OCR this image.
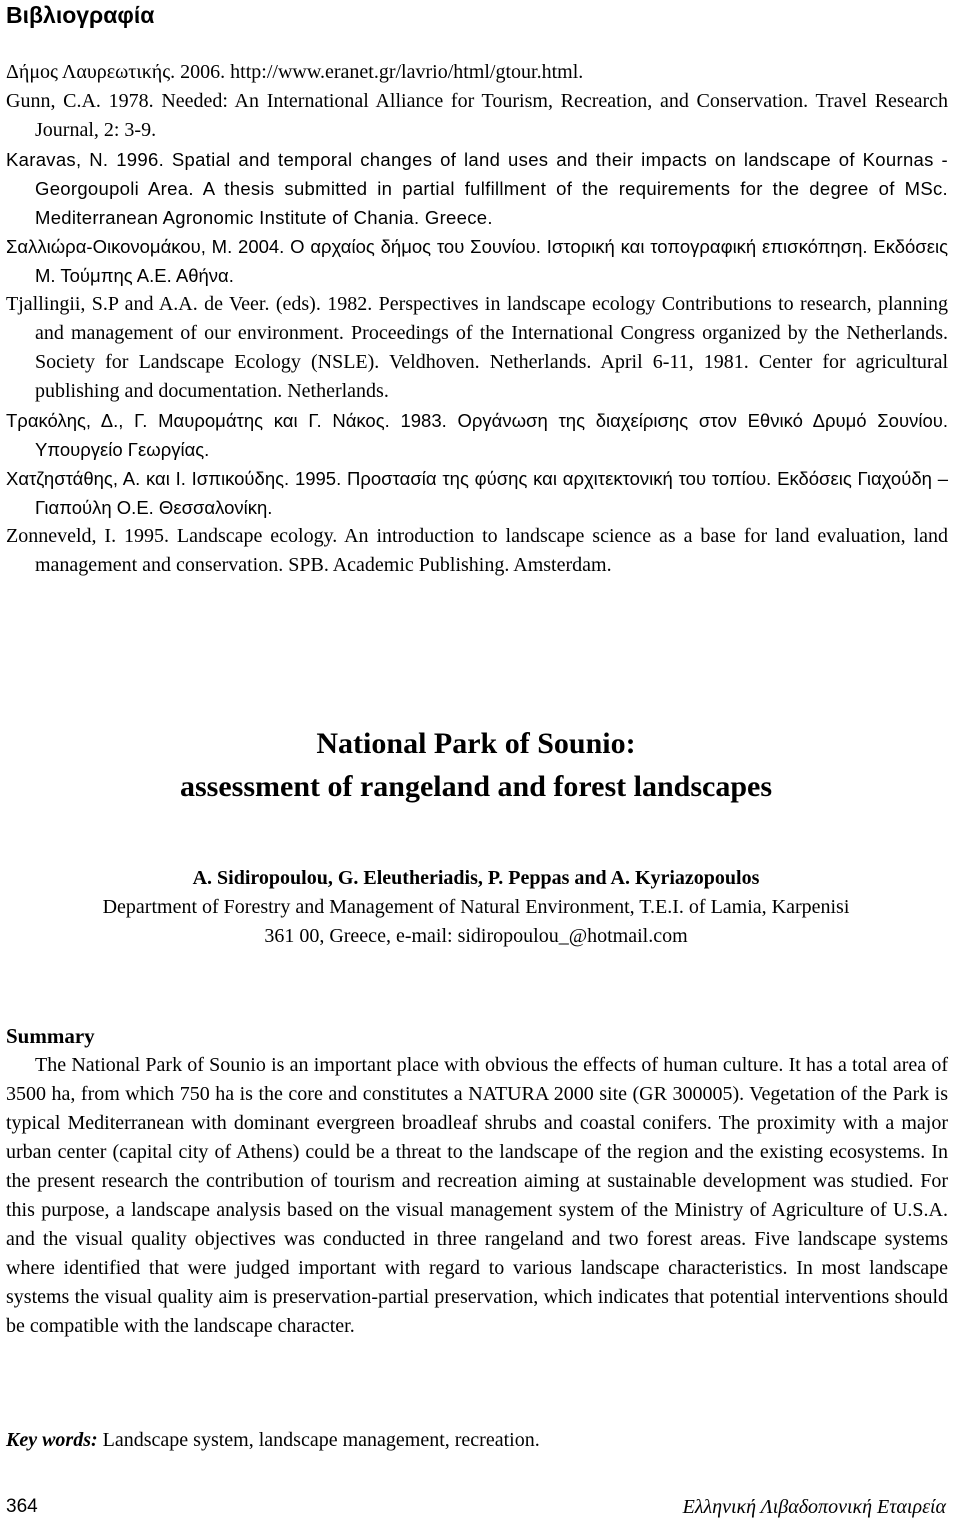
Βιβλιογραφία
Δήμος Λαυρεωτικής. 2006. http://www.eranet.gr/lavrio/html/gtour.html.
Gunn, C.A. 1978. Needed: An International Alliance for Tourism, Recreation, and Conservation. Travel Research Journal, 2: 3-9.
Karavas, N. 1996. Spatial and temporal changes of land uses and their impacts on landscape of Kournas - Georgoupoli Area. A thesis submitted in partial fulfillment of the requirements for the degree of MSc. Mediterranean Agronomic Institute of Chania. Greece.
Σαλλιώρα-Οικονομάκου, Μ. 2004. Ο αρχαίος δήμος του Σουνίου. Ιστορική και τοπογραφική επισκόπηση. Εκδόσεις Μ. Τούμπης Α.Ε. Αθήνα.
Tjallingii, S.P and A.A. de Veer. (eds). 1982. Perspectives in landscape ecology Contributions to research, planning and management of our environment. Proceedings of the International Congress organized by the Netherlands. Society for Landscape Ecology (NSLE). Veldhoven. Netherlands. April 6-11, 1981. Center for agricultural publishing and documentation. Netherlands.
Τρακόλης, Δ., Γ. Μαυρομάτης και Γ. Νάκος. 1983. Οργάνωση της διαχείρισης στον Εθνικό Δρυμό Σουνίου. Υπουργείο Γεωργίας.
Χατζηστάθης, Α. και Ι. Ισπικούδης. 1995. Προστασία της φύσης και αρχιτεκτονική του τοπίου. Εκδόσεις Γιαχούδη – Γιαπούλη Ο.Ε. Θεσσαλονίκη.
Zonneveld, I. 1995. Landscape ecology. An introduction to landscape science as a base for land evaluation, land management and conservation. SPB. Academic Publishing. Amsterdam.
National Park of Sounio:
assessment of rangeland and forest landscapes

A. Sidiropoulou, G. Eleutheriadis, P. Peppas and A. Kyriazopoulos

Department of Forestry and Management of Natural Environment, T.E.I. of Lamia, Karpenisi
361 00, Greece, e-mail: sidiropoulou_@hotmail.com

Summary

The National Park of Sounio is an important place with obvious the effects of human culture. It has a total area of 3500 ha, from which 750 ha is the core and constitutes a NATURA 2000 site (GR 300005). Vegetation of the Park is typical Mediterranean with dominant evergreen broadleaf shrubs and coastal conifers. The proximity with a major urban center (capital city of Athens) could be a threat to the landscape of the region and the existing ecosystems. In the present research the contribution of tourism and recreation aiming at sustainable development was studied. For this purpose, a landscape analysis based on the visual management system of the Ministry of Agriculture of U.S.A. and the visual quality objectives was conducted in three rangeland and two forest areas. Five landscape systems where identified that were judged important with regard to various landscape characteristics. In most landscape systems the visual quality aim is preservation-partial preservation, which indicates that potential interventions should be compatible with the landscape character.

Key words: Landscape system, landscape management, recreation.

364	Ελληνική Λιβαδοπονική Εταιρεία
